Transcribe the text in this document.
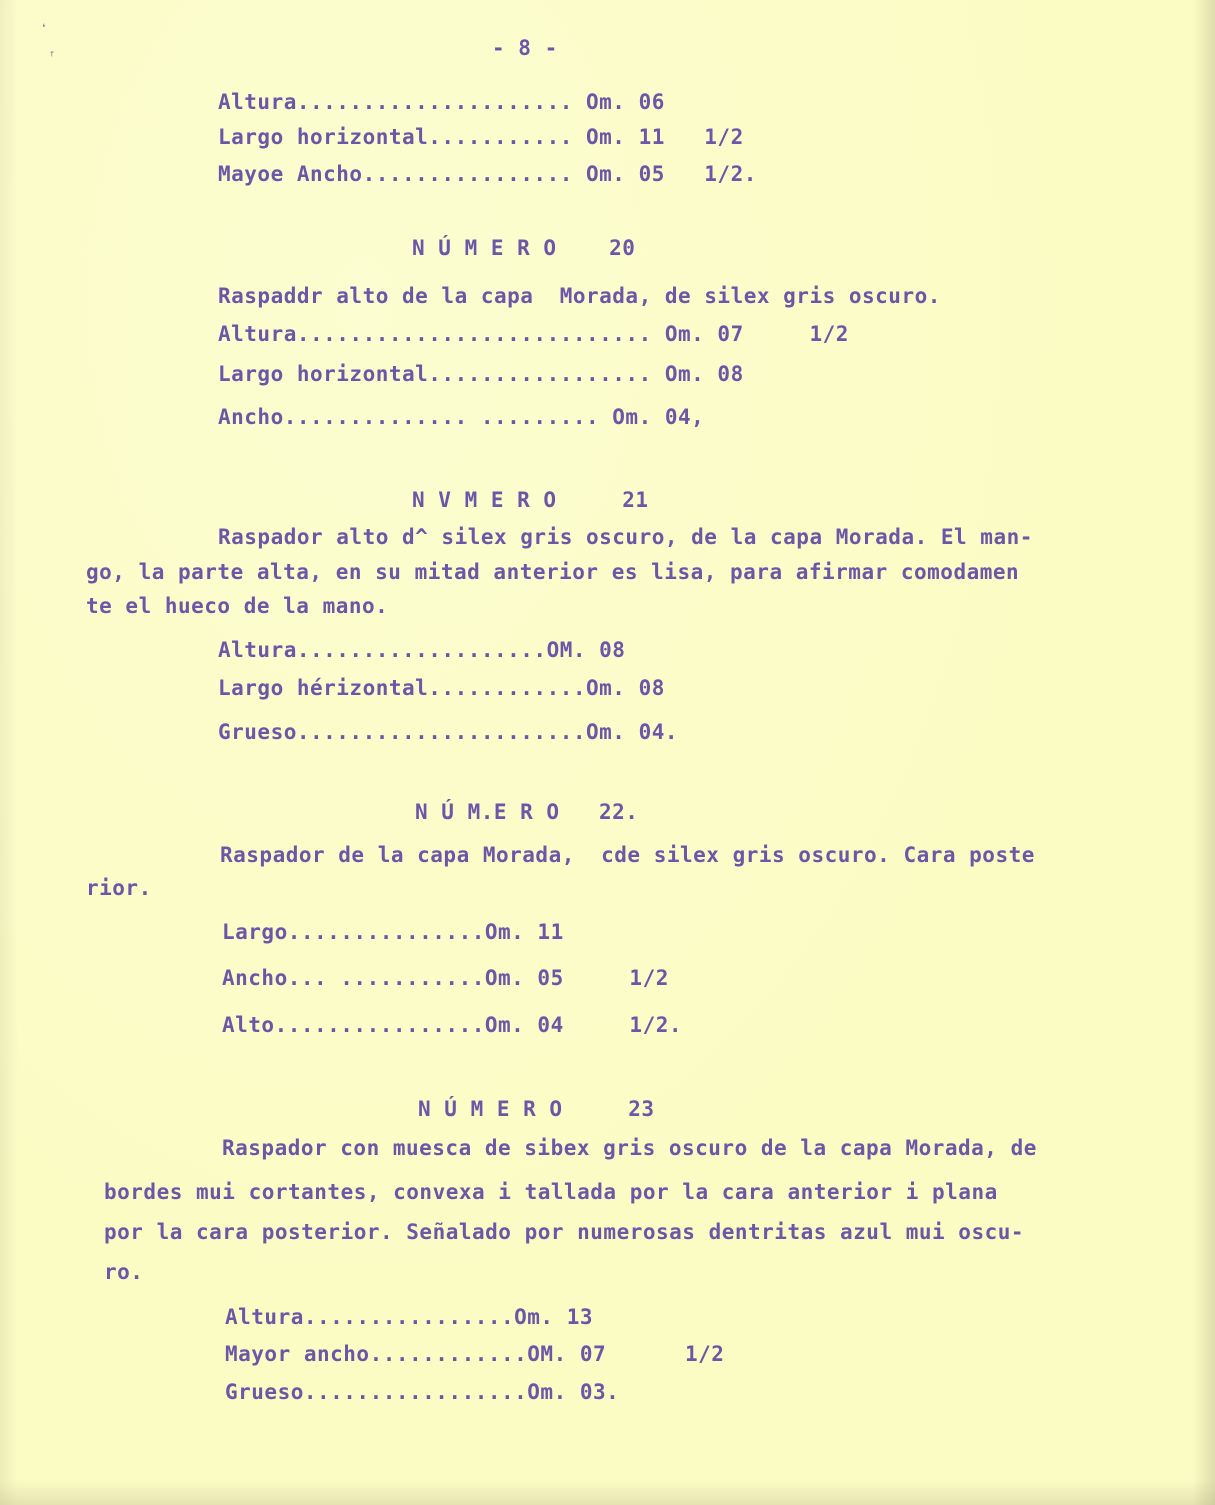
❛
ᶠ	- 8 -
Altura..................... Om. 06
Largo horizontal........... Om. 11   1/2
Mayoe Ancho................ Om. 05   1/2.
N Ú M E R O    20
Raspaddr alto de la capa  Morada, de silex gris oscuro.
Altura........................... Om. 07     1/2
Largo horizontal................. Om. 08
Ancho.............. ......... Om. 04,
N V M E R O     21
Raspador alto d^ silex gris oscuro, de la capa Morada. El man-
go, la parte alta, en su mitad anterior es lisa, para afirmar comodamen
te el hueco de la mano.
Altura...................OM. 08
Largo hérizontal............Om. 08
Grueso......................Om. 04.
N Ú M.E R O   22.
Raspador de la capa Morada,  cde silex gris oscuro. Cara poste
rior.
Largo...............Om. 11
Ancho... ...........Om. 05     1/2
Alto................Om. 04     1/2.
N Ú M E R O     23
Raspador con muesca de sibex gris oscuro de la capa Morada, de
bordes mui cortantes, convexa i tallada por la cara anterior i plana
por la cara posterior. Señalado por numerosas dentritas azul mui oscu-
ro.
Altura................Om. 13
Mayor ancho............OM. 07      1/2
Grueso.................Om. 03.
